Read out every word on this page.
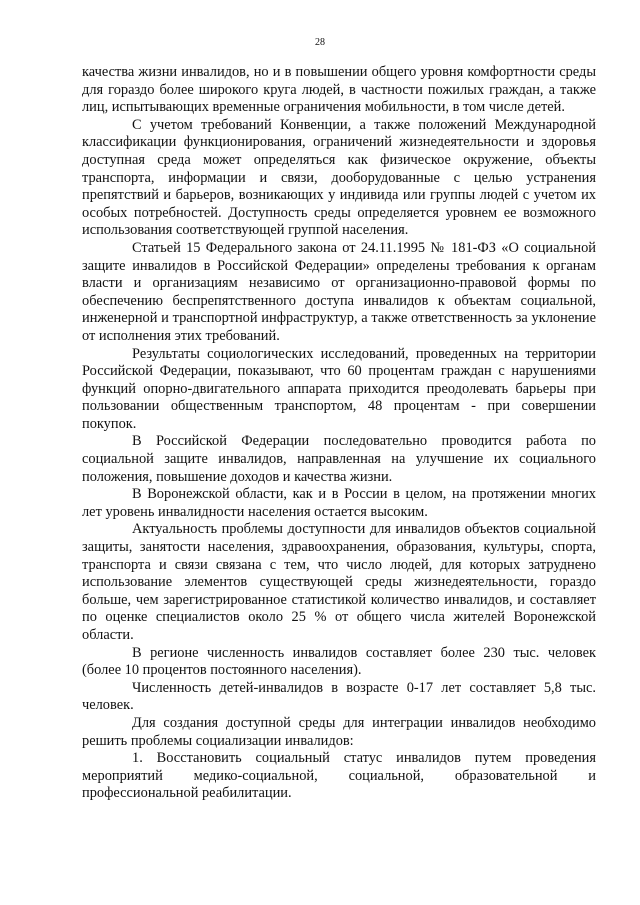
28

качества жизни инвалидов, но и в повышении общего уровня комфортности среды для гораздо более широкого круга людей, в частности пожилых граждан, а также лиц, испытывающих временные ограничения мобильности, в том числе детей.

С учетом требований Конвенции, а также положений Международной классификации функционирования, ограничений жизнедеятельности и здоровья доступная среда может определяться как физическое окружение, объекты транспорта, информации и связи, дооборудованные с целью устранения препятствий и барьеров, возникающих у индивида или группы людей с учетом их особых потребностей. Доступность среды определяется уровнем ее возможного использования соответствующей группой населения.

Статьей 15 Федерального закона от 24.11.1995 № 181-ФЗ «О социальной защите инвалидов в Российской Федерации» определены требования к органам власти и организациям независимо от организационно-правовой формы по обеспечению беспрепятственного доступа инвалидов к объектам социальной, инженерной и транспортной инфраструктур, а также ответственность за уклонение от исполнения этих требований.

Результаты социологических исследований, проведенных на территории Российской Федерации, показывают, что 60 процентам граждан с нарушениями функций опорно-двигательного аппарата приходится преодолевать барьеры при пользовании общественным транспортом, 48 процентам - при совершении покупок.

В Российской Федерации последовательно проводится работа по социальной защите инвалидов, направленная на улучшение их социального положения, повышение доходов и качества жизни.

В Воронежской области, как и в России в целом, на протяжении многих лет уровень инвалидности населения остается высоким.

Актуальность проблемы доступности для инвалидов объектов социальной защиты, занятости населения, здравоохранения, образования, культуры, спорта, транспорта и связи связана с тем, что число людей, для которых затруднено использование элементов существующей среды жизнедеятельности, гораздо больше, чем зарегистрированное статистикой количество инвалидов, и составляет по оценке специалистов около 25 % от общего числа жителей Воронежской области.

В регионе численность инвалидов составляет более 230 тыс. человек (более 10 процентов постоянного населения).

Численность детей-инвалидов в возрасте 0-17 лет составляет 5,8 тыс. человек.

Для создания доступной среды для интеграции инвалидов необходимо решить проблемы социализации инвалидов:

1. Восстановить социальный статус инвалидов путем проведения мероприятий медико-социальной, социальной, образовательной и профессиональной реабилитации.
